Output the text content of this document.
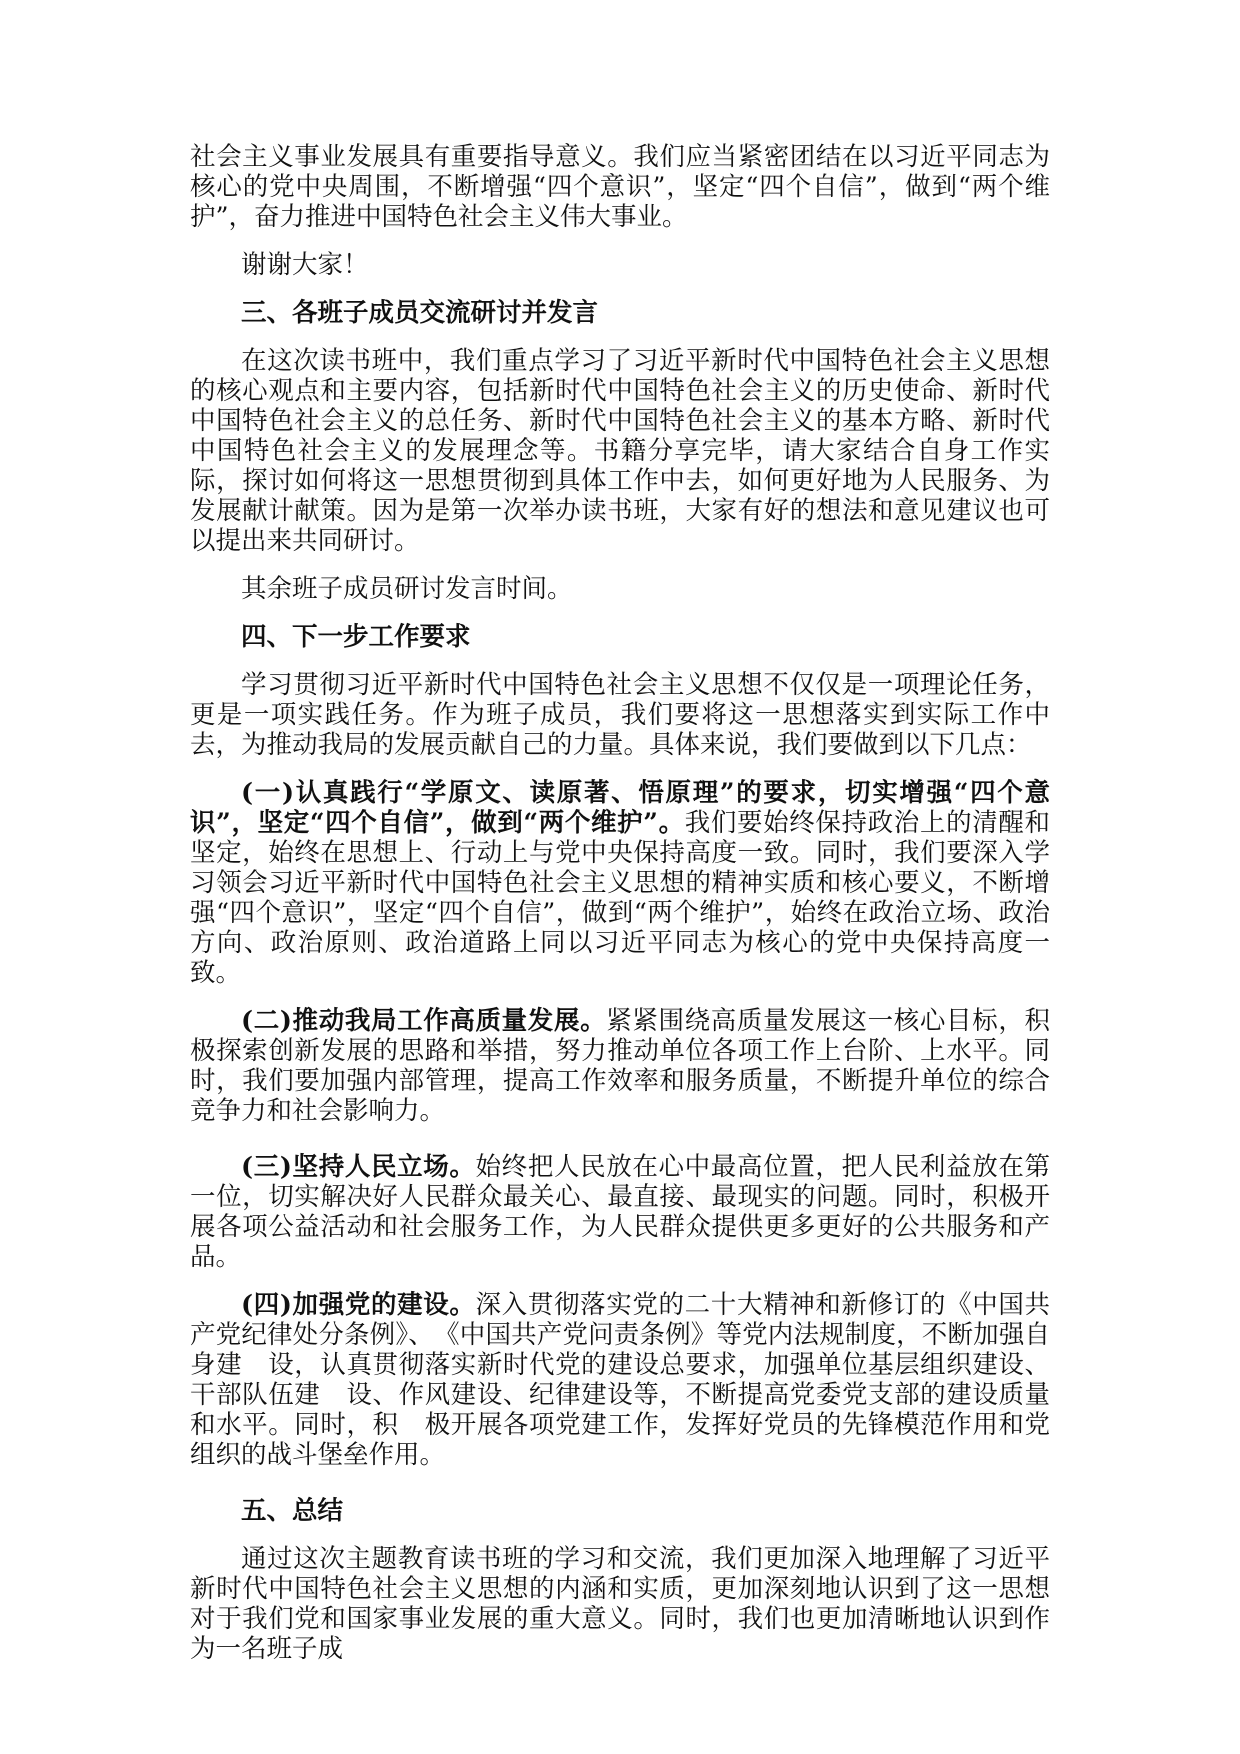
社会主义事业发展具有重要指导意义。我们应当紧密团结在以习近平同志为核心的党中央周围，不断增强“四个意识”，坚定“四个自信”，做到“两个维护”，奋力推进中国特色社会主义伟大事业。

谢谢大家！

三、各班子成员交流研讨并发言

在这次读书班中，我们重点学习了习近平新时代中国特色社会主义思想的核心观点和主要内容，包括新时代中国特色社会主义的历史使命、新时代中国特色社会主义的总任务、新时代中国特色社会主义的基本方略、新时代中国特色社会主义的发展理念等。书籍分享完毕，请大家结合自身工作实际，探讨如何将这一思想贯彻到具体工作中去，如何更好地为人民服务、为发展献计献策。因为是第一次举办读书班，大家有好的想法和意见建议也可以提出来共同研讨。

其余班子成员研讨发言时间。

四、下一步工作要求

学习贯彻习近平新时代中国特色社会主义思想不仅仅是一项理论任务，更是一项实践任务。作为班子成员，我们要将这一思想落实到实际工作中去，为推动我局的发展贡献自己的力量。具体来说，我们要做到以下几点：

(一)认真践行“学原文、读原著、悟原理”的要求，切实增强“四个意识”，坚定“四个自信”，做到“两个维护”。我们要始终保持政治上的清醒和坚定，始终在思想上、行动上与党中央保持高度一致。同时，我们要深入学习领会习近平新时代中国特色社会主义思想的精神实质和核心要义，不断增强“四个意识”，坚定“四个自信”，做到“两个维护”，始终在政治立场、政治方向、政治原则、政治道路上同以习近平同志为核心的党中央保持高度一致。

(二)推动我局工作高质量发展。紧紧围绕高质量发展这一核心目标，积极探索创新发展的思路和举措，努力推动单位各项工作上台阶、上水平。同时，我们要加强内部管理，提高工作效率和服务质量，不断提升单位的综合竞争力和社会影响力。

(三)坚持人民立场。始终把人民放在心中最高位置，把人民利益放在第一位，切实解决好人民群众最关心、最直接、最现实的问题。同时，积极开展各项公益活动和社会服务工作，为人民群众提供更多更好的公共服务和产品。

(四)加强党的建设。深入贯彻落实党的二十大精神和新修订的《中国共产党纪律处分条例》、　《中国共产党问责条例》等党内法规制度，不断加强自身建　设，认真贯彻落实新时代党的建设总要求，加强单位基层组织建设、干部队伍建　设、作风建设、纪律建设等，不断提高党委党支部的建设质量和水平。同时，积　极开展各项党建工作，发挥好党员的先锋模范作用和党组织的战斗堡垒作用。

五、总结

通过这次主题教育读书班的学习和交流，我们更加深入地理解了习近平新时代中国特色社会主义思想的内涵和实质，更加深刻地认识到了这一思想对于我们党和国家事业发展的重大意义。同时，我们也更加清晰地认识到作为一名班子成
